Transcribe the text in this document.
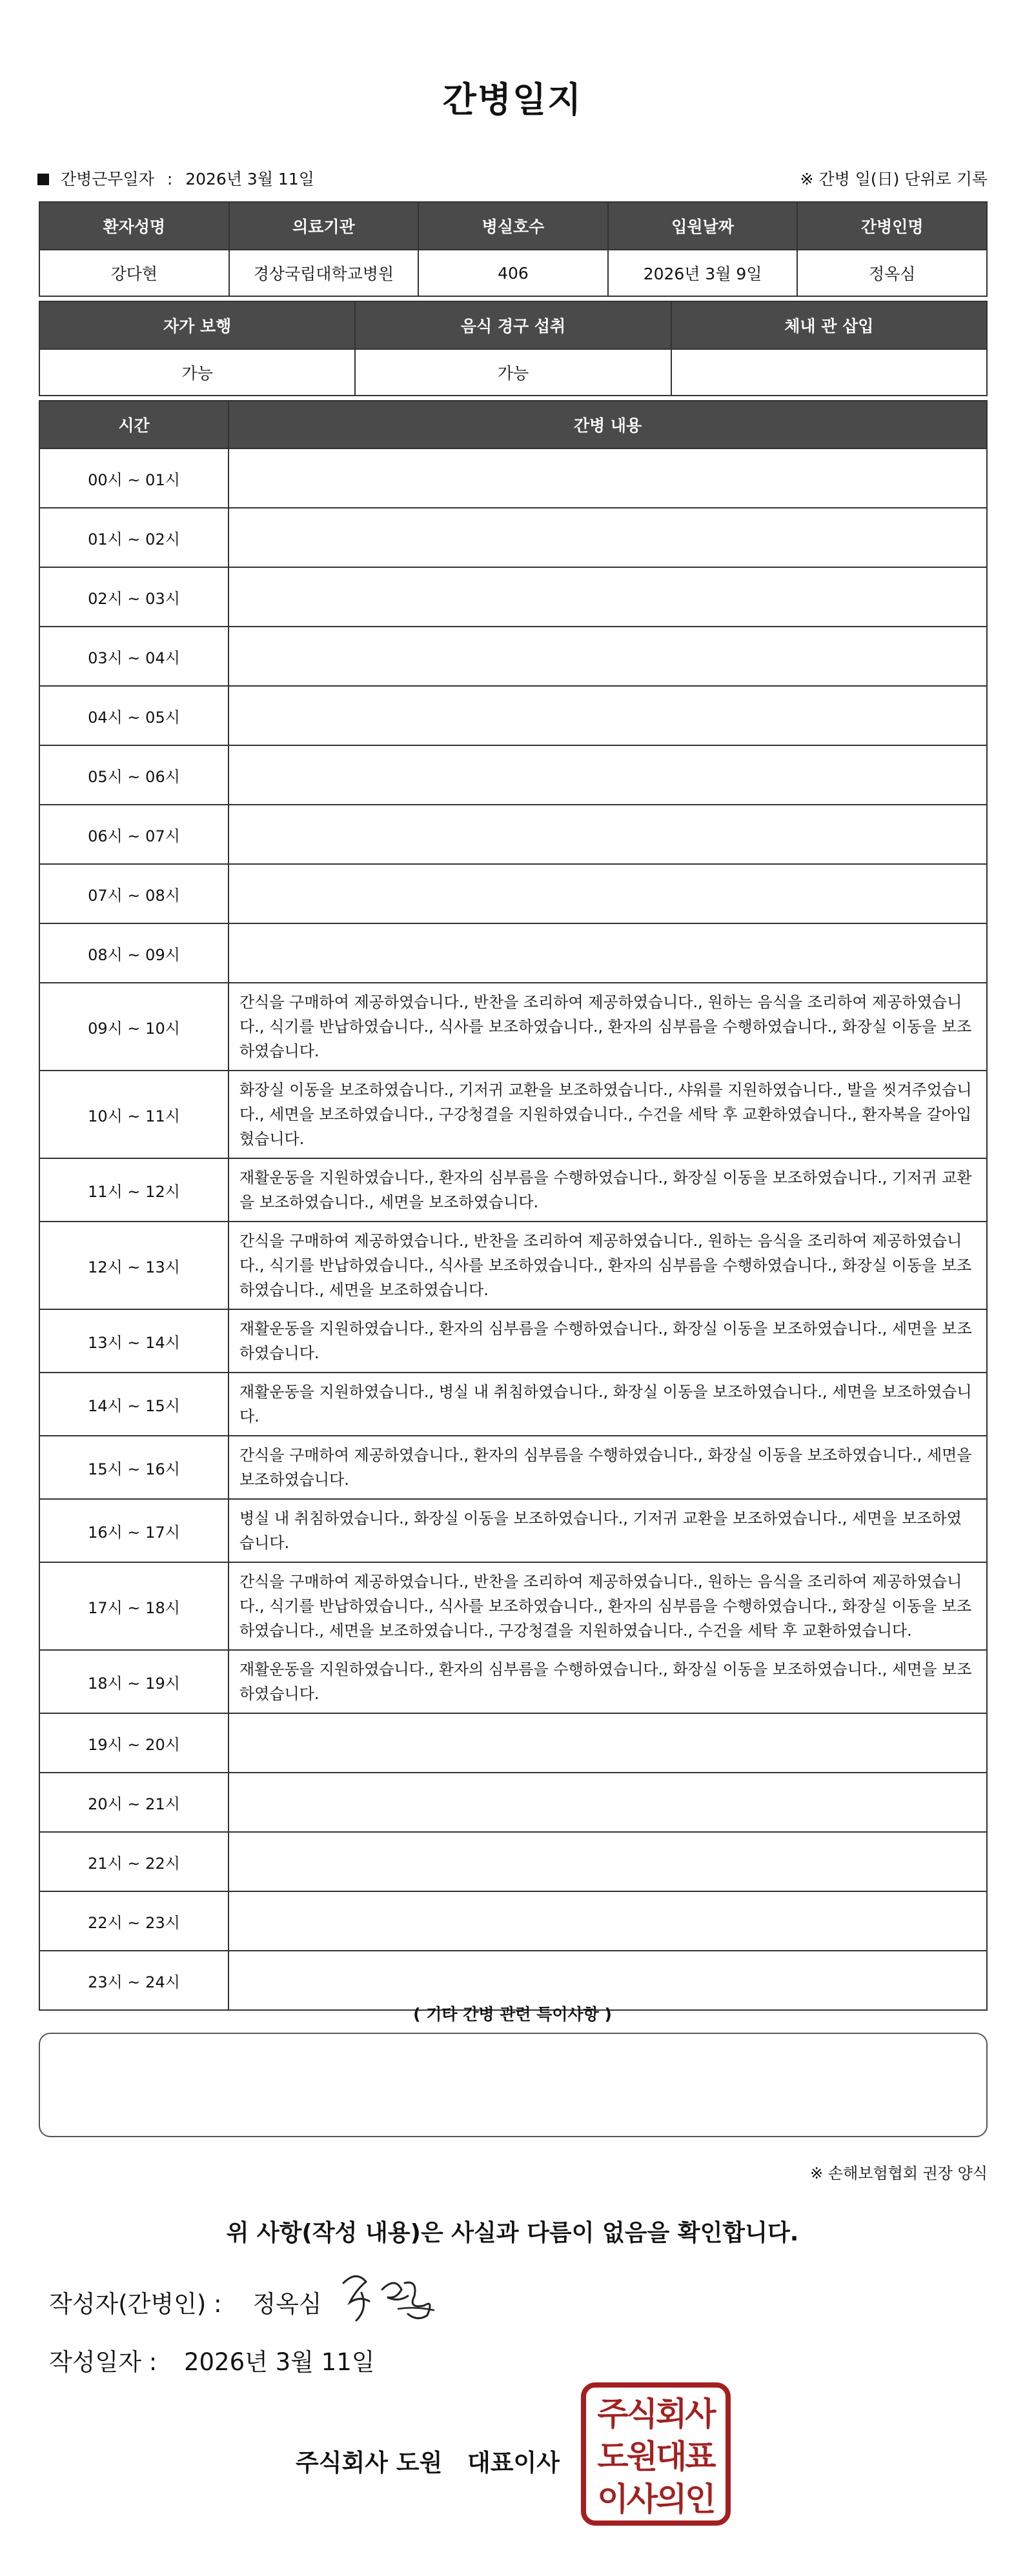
간병일지
간병근무일자 : 2026년 3월 11일	※ 간병 일(日) 단위로 기록
환자성명	의료기관	병실호수	입원날짜	간병인명
강다현	경상국립대학교병원	406	2026년 3월 9일	정옥심
자가 보행	음식 경구 섭취	체내 관 삽입
가능	가능	
시간	간병 내용
00시 ~ 01시	
01시 ~ 02시	
02시 ~ 03시	
03시 ~ 04시	
04시 ~ 05시	
05시 ~ 06시	
06시 ~ 07시	
07시 ~ 08시	
08시 ~ 09시	
09시 ~ 10시	간식을 구매하여 제공하였습니다., 반찬을 조리하여 제공하였습니다., 원하는 음식을 조리하여 제공하였습니다., 식기를 반납하였습니다., 식사를 보조하였습니다., 환자의 심부름을 수행하였습니다., 화장실 이동을 보조하였습니다.
10시 ~ 11시	화장실 이동을 보조하였습니다., 기저귀 교환을 보조하였습니다., 샤워를 지원하였습니다., 발을 씻겨주었습니다., 세면을 보조하였습니다., 구강청결을 지원하였습니다., 수건을 세탁 후 교환하였습니다., 환자복을 갈아입혔습니다.
11시 ~ 12시	재활운동을 지원하였습니다., 환자의 심부름을 수행하였습니다., 화장실 이동을 보조하였습니다., 기저귀 교환을 보조하였습니다., 세면을 보조하였습니다.
12시 ~ 13시	간식을 구매하여 제공하였습니다., 반찬을 조리하여 제공하였습니다., 원하는 음식을 조리하여 제공하였습니다., 식기를 반납하였습니다., 식사를 보조하였습니다., 환자의 심부름을 수행하였습니다., 화장실 이동을 보조하였습니다., 세면을 보조하였습니다.
13시 ~ 14시	재활운동을 지원하였습니다., 환자의 심부름을 수행하였습니다., 화장실 이동을 보조하였습니다., 세면을 보조하였습니다.
14시 ~ 15시	재활운동을 지원하였습니다., 병실 내 취침하였습니다., 화장실 이동을 보조하였습니다., 세면을 보조하였습니다.
15시 ~ 16시	간식을 구매하여 제공하였습니다., 환자의 심부름을 수행하였습니다., 화장실 이동을 보조하였습니다., 세면을 보조하였습니다.
16시 ~ 17시	병실 내 취침하였습니다., 화장실 이동을 보조하였습니다., 기저귀 교환을 보조하였습니다., 세면을 보조하였습니다.
17시 ~ 18시	간식을 구매하여 제공하였습니다., 반찬을 조리하여 제공하였습니다., 원하는 음식을 조리하여 제공하였습니다., 식기를 반납하였습니다., 식사를 보조하였습니다., 환자의 심부름을 수행하였습니다., 화장실 이동을 보조하였습니다., 세면을 보조하였습니다., 구강청결을 지원하였습니다., 수건을 세탁 후 교환하였습니다.
18시 ~ 19시	재활운동을 지원하였습니다., 환자의 심부름을 수행하였습니다., 화장실 이동을 보조하였습니다., 세면을 보조하였습니다.
19시 ~ 20시	
20시 ~ 21시	
21시 ~ 22시	
22시 ~ 23시	
23시 ~ 24시	
( 기타 간병 관련 특이사항 )
※ 손해보험협회 권장 양식
위 사항(작성 내용)은 사실과 다름이 없음을 확인합니다.
작성자(간병인) : 정옥심
작성일자 : 2026년 3월 11일
주식회사 도원   대표이사
주식회사
도원대표
이사의인
